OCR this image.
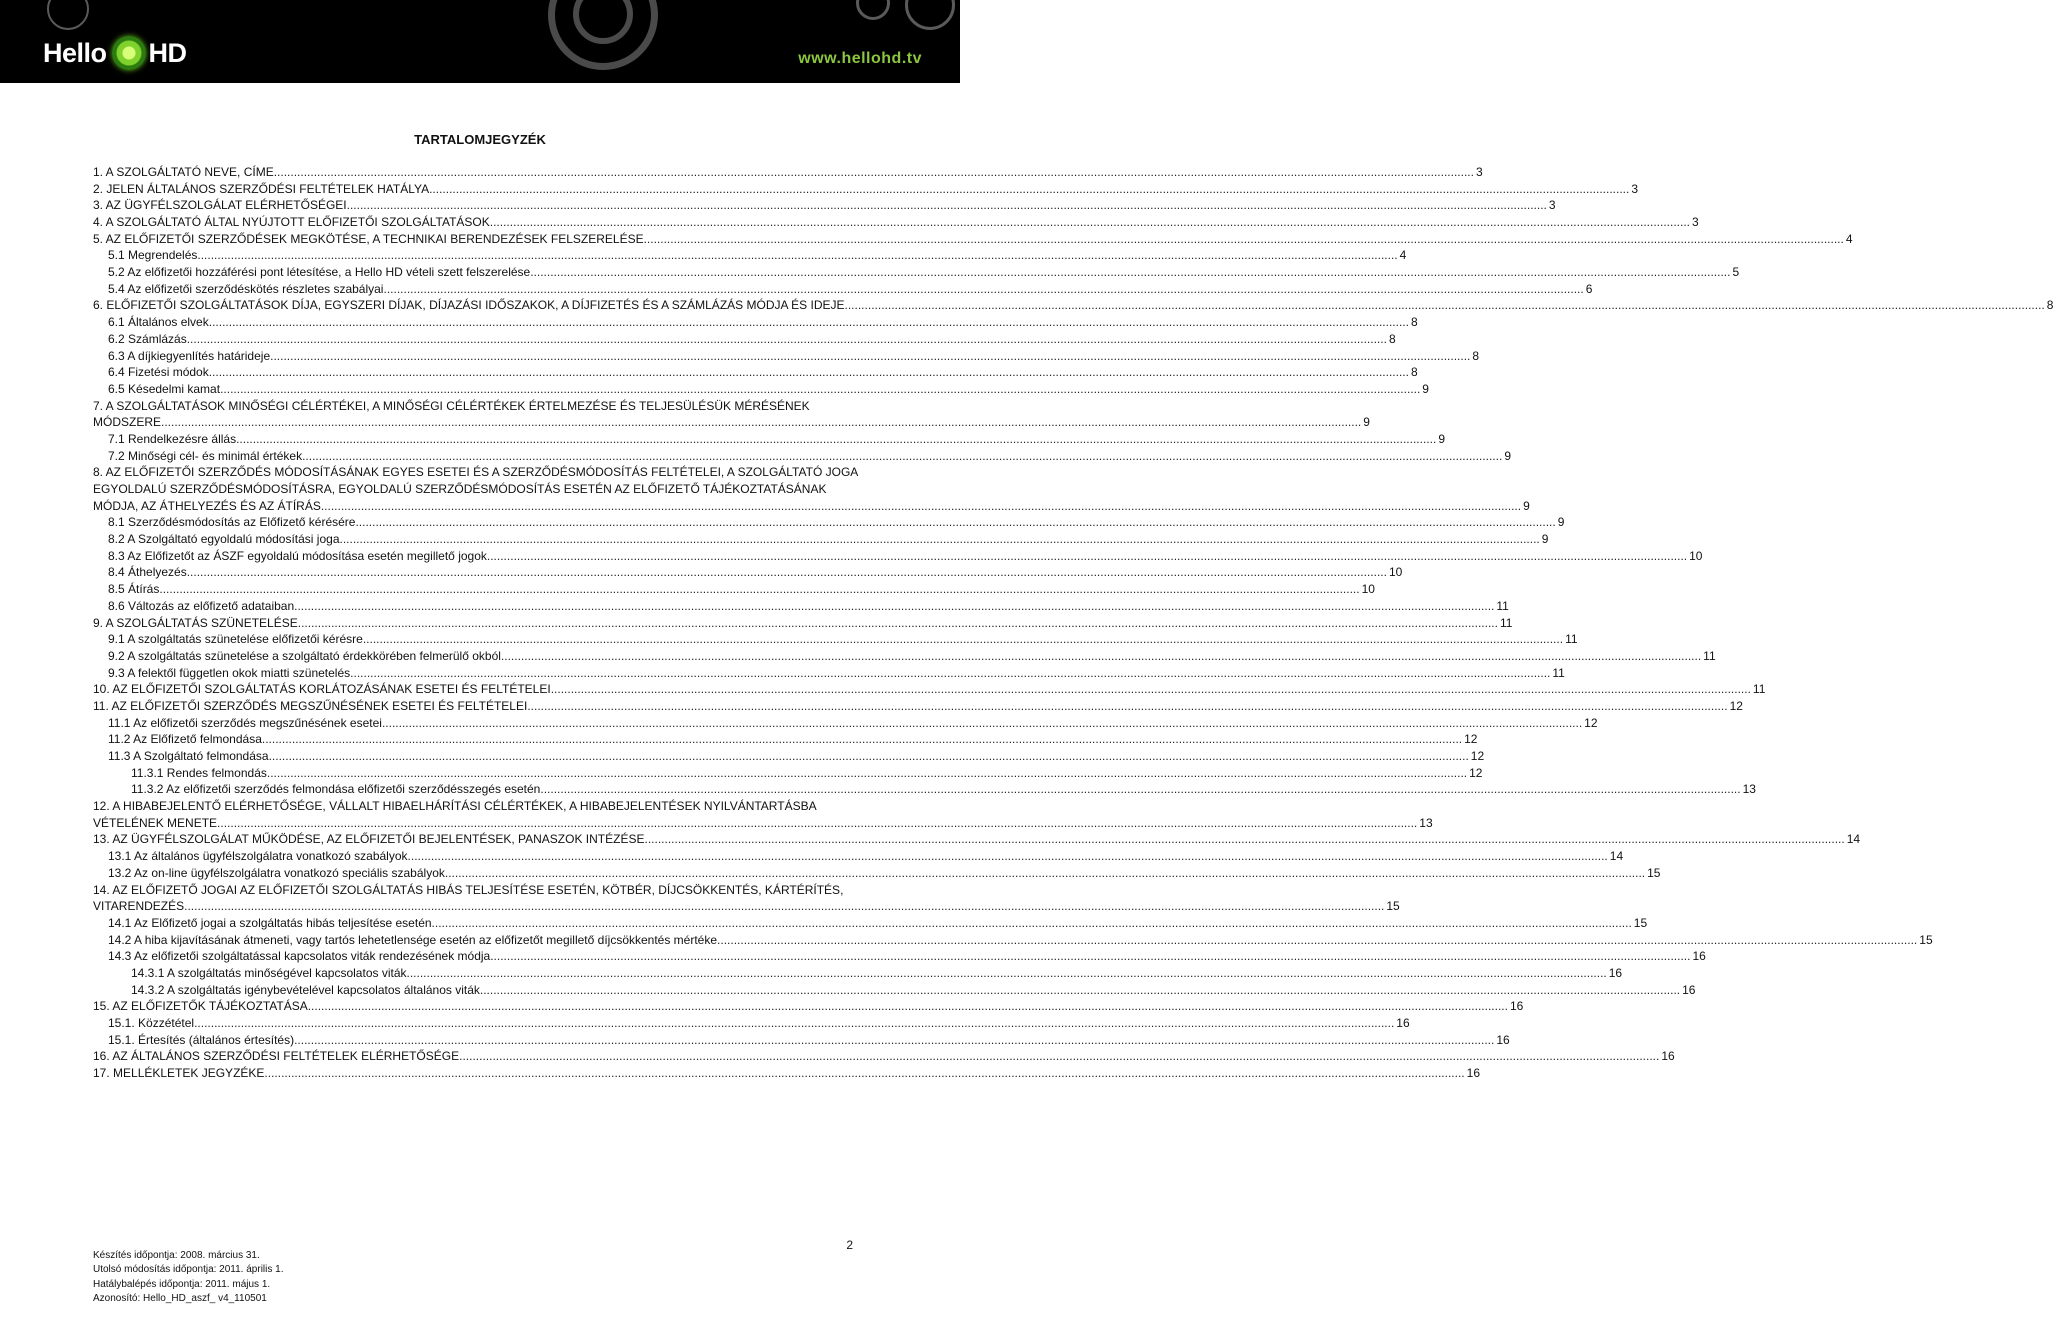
Hello HD	www.hellohd.tv
TARTALOMJEGYZÉK
1. A SZOLGÁLTATÓ NEVE, CÍME .....	3
2. JELEN ÁLTALÁNOS SZERZŐDÉSI FELTÉTELEK HATÁLYA .....	3
3. AZ ÜGYFÉLSZOLGÁLAT ELÉRHETŐSÉGEI .....	3
4. A SZOLGÁLTATÓ ÁLTAL NYÚJTOTT ELŐFIZETŐI SZOLGÁLTATÁSOK .....	3
5. AZ ELŐFIZETŐI SZERZŐDÉSEK MEGKÖTÉSE, A TECHNIKAI BERENDEZÉSEK FELSZERELÉSE .....	4
5.1 Megrendelés .....	4
5.2 Az előfizetői hozzáférési pont létesítése, a Hello HD vételi szett felszerelése .....	5
5.4 Az előfizetői szerződéskötés részletes szabályai .....	6
6. ELŐFIZETŐI SZOLGÁLTATÁSOK DÍJA, EGYSZERI DÍJAK, DÍJAZÁSI IDŐSZAKOK, A DÍJFIZETÉS ÉS A SZÁMLÁZÁS MÓDJA ÉS IDEJE .....	8
6.1 Általános elvek .....	8
6.2 Számlázás .....	8
6.3 A díjkiegyenlítés határideje .....	8
6.4 Fizetési módok .....	8
6.5 Késedelmi kamat .....	9
7. A SZOLGÁLTATÁSOK MINŐSÉGI CÉLÉRTÉKEI, A MINŐSÉGI CÉLÉRTÉKEK ÉRTELMEZÉSE ÉS TELJESÜLÉSÜK MÉRÉSÉNEK
MÓDSZERE .....	9
7.1 Rendelkezésre állás .....	9
7.2 Minőségi cél- és minimál értékek .....	9
8. AZ ELŐFIZETŐI SZERZŐDÉS MÓDOSÍTÁSÁNAK EGYES ESETEI ÉS A SZERZŐDÉSMÓDOSÍTÁS FELTÉTELEI, A SZOLGÁLTATÓ JOGA
EGYOLDALÚ SZERZŐDÉSMÓDOSÍTÁSRA, EGYOLDALÚ SZERZŐDÉSMÓDOSÍTÁS ESETÉN AZ ELŐFIZETŐ TÁJÉKOZTATÁSÁNAK
MÓDJA, AZ ÁTHELYEZÉS ÉS AZ ÁTÍRÁS .....	9
8.1 Szerződésmódosítás az Előfizető kérésére .....	9
8.2 A Szolgáltató egyoldalú módosítási joga .....	9
8.3 Az Előfizetőt az ÁSZF egyoldalú módosítása esetén megillető jogok .....	10
8.4 Áthelyezés .....	10
8.5 Átírás .....	10
8.6 Változás az előfizető adataiban .....	11
9. A SZOLGÁLTATÁS SZÜNETELÉSE .....	11
9.1 A szolgáltatás szünetelése előfizetői kérésre .....	11
9.2 A szolgáltatás szünetelése a szolgáltató érdekkörében felmerülő okból .....	11
9.3 A felektől független okok miatti szünetelés .....	11
10. AZ ELŐFIZETŐI SZOLGÁLTATÁS KORLÁTOZÁSÁNAK ESETEI ÉS FELTÉTELEI .....	11
11. AZ ELŐFIZETŐI SZERZŐDÉS MEGSZŰNÉSÉNEK ESETEI ÉS FELTÉTELEI .....	12
11.1 Az előfizetői szerződés megszűnésének esetei .....	12
11.2 Az Előfizető felmondása .....	12
11.3 A Szolgáltató felmondása .....	12
11.3.1 Rendes felmondás .....	12
11.3.2 Az előfizetői szerződés felmondása előfizetői szerződésszegés esetén .....	13
12. A HIBABEJELENTŐ ELÉRHETŐSÉGE, VÁLLALT HIBAELHÁRÍTÁSI CÉLÉRTÉKEK, A HIBABEJELENTÉSEK NYILVÁNTARTÁSBA
VÉTELÉNEK MENETE .....	13
13. AZ ÜGYFÉLSZOLGÁLAT MŰKÖDÉSE, AZ ELŐFIZETŐI BEJELENTÉSEK, PANASZOK INTÉZÉSE .....	14
13.1 Az általános ügyfélszolgálatra vonatkozó szabályok .....	14
13.2 Az on-line ügyfélszolgálatra vonatkozó speciális szabályok .....	15
14. AZ ELŐFIZETŐ JOGAI AZ ELŐFIZETŐI SZOLGÁLTATÁS HIBÁS TELJESÍTÉSE ESETÉN, KÖTBÉR, DÍJCSÖKKENTÉS, KÁRTÉRÍTÉS,
VITARENDEZÉS .....	15
14.1 Az Előfizető jogai a szolgáltatás hibás teljesítése esetén .....	15
14.2 A hiba kijavításának átmeneti, vagy tartós lehetetlensége esetén az előfizetőt megillető díjcsökkentés mértéke .....	15
14.3 Az előfizetői szolgáltatással kapcsolatos viták rendezésének módja .....	16
14.3.1 A szolgáltatás minőségével kapcsolatos viták .....	16
14.3.2 A szolgáltatás igénybevételével kapcsolatos általános viták .....	16
15. AZ ELŐFIZETŐK TÁJÉKOZTATÁSA .....	16
15.1. Közzététel .....	16
15.1. Értesítés (általános értesítés) .....	16
16. AZ ÁLTALÁNOS SZERZŐDÉSI FELTÉTELEK ELÉRHETŐSÉGE .....	16
17. MELLÉKLETEK JEGYZÉKE .....	16
2
Készítés időpontja: 2008. március 31.
Utolsó módosítás időpontja: 2011. április 1.
Hatálybalépés időpontja: 2011. május 1.
Azonosító: Hello_HD_aszf_ v4_110501
